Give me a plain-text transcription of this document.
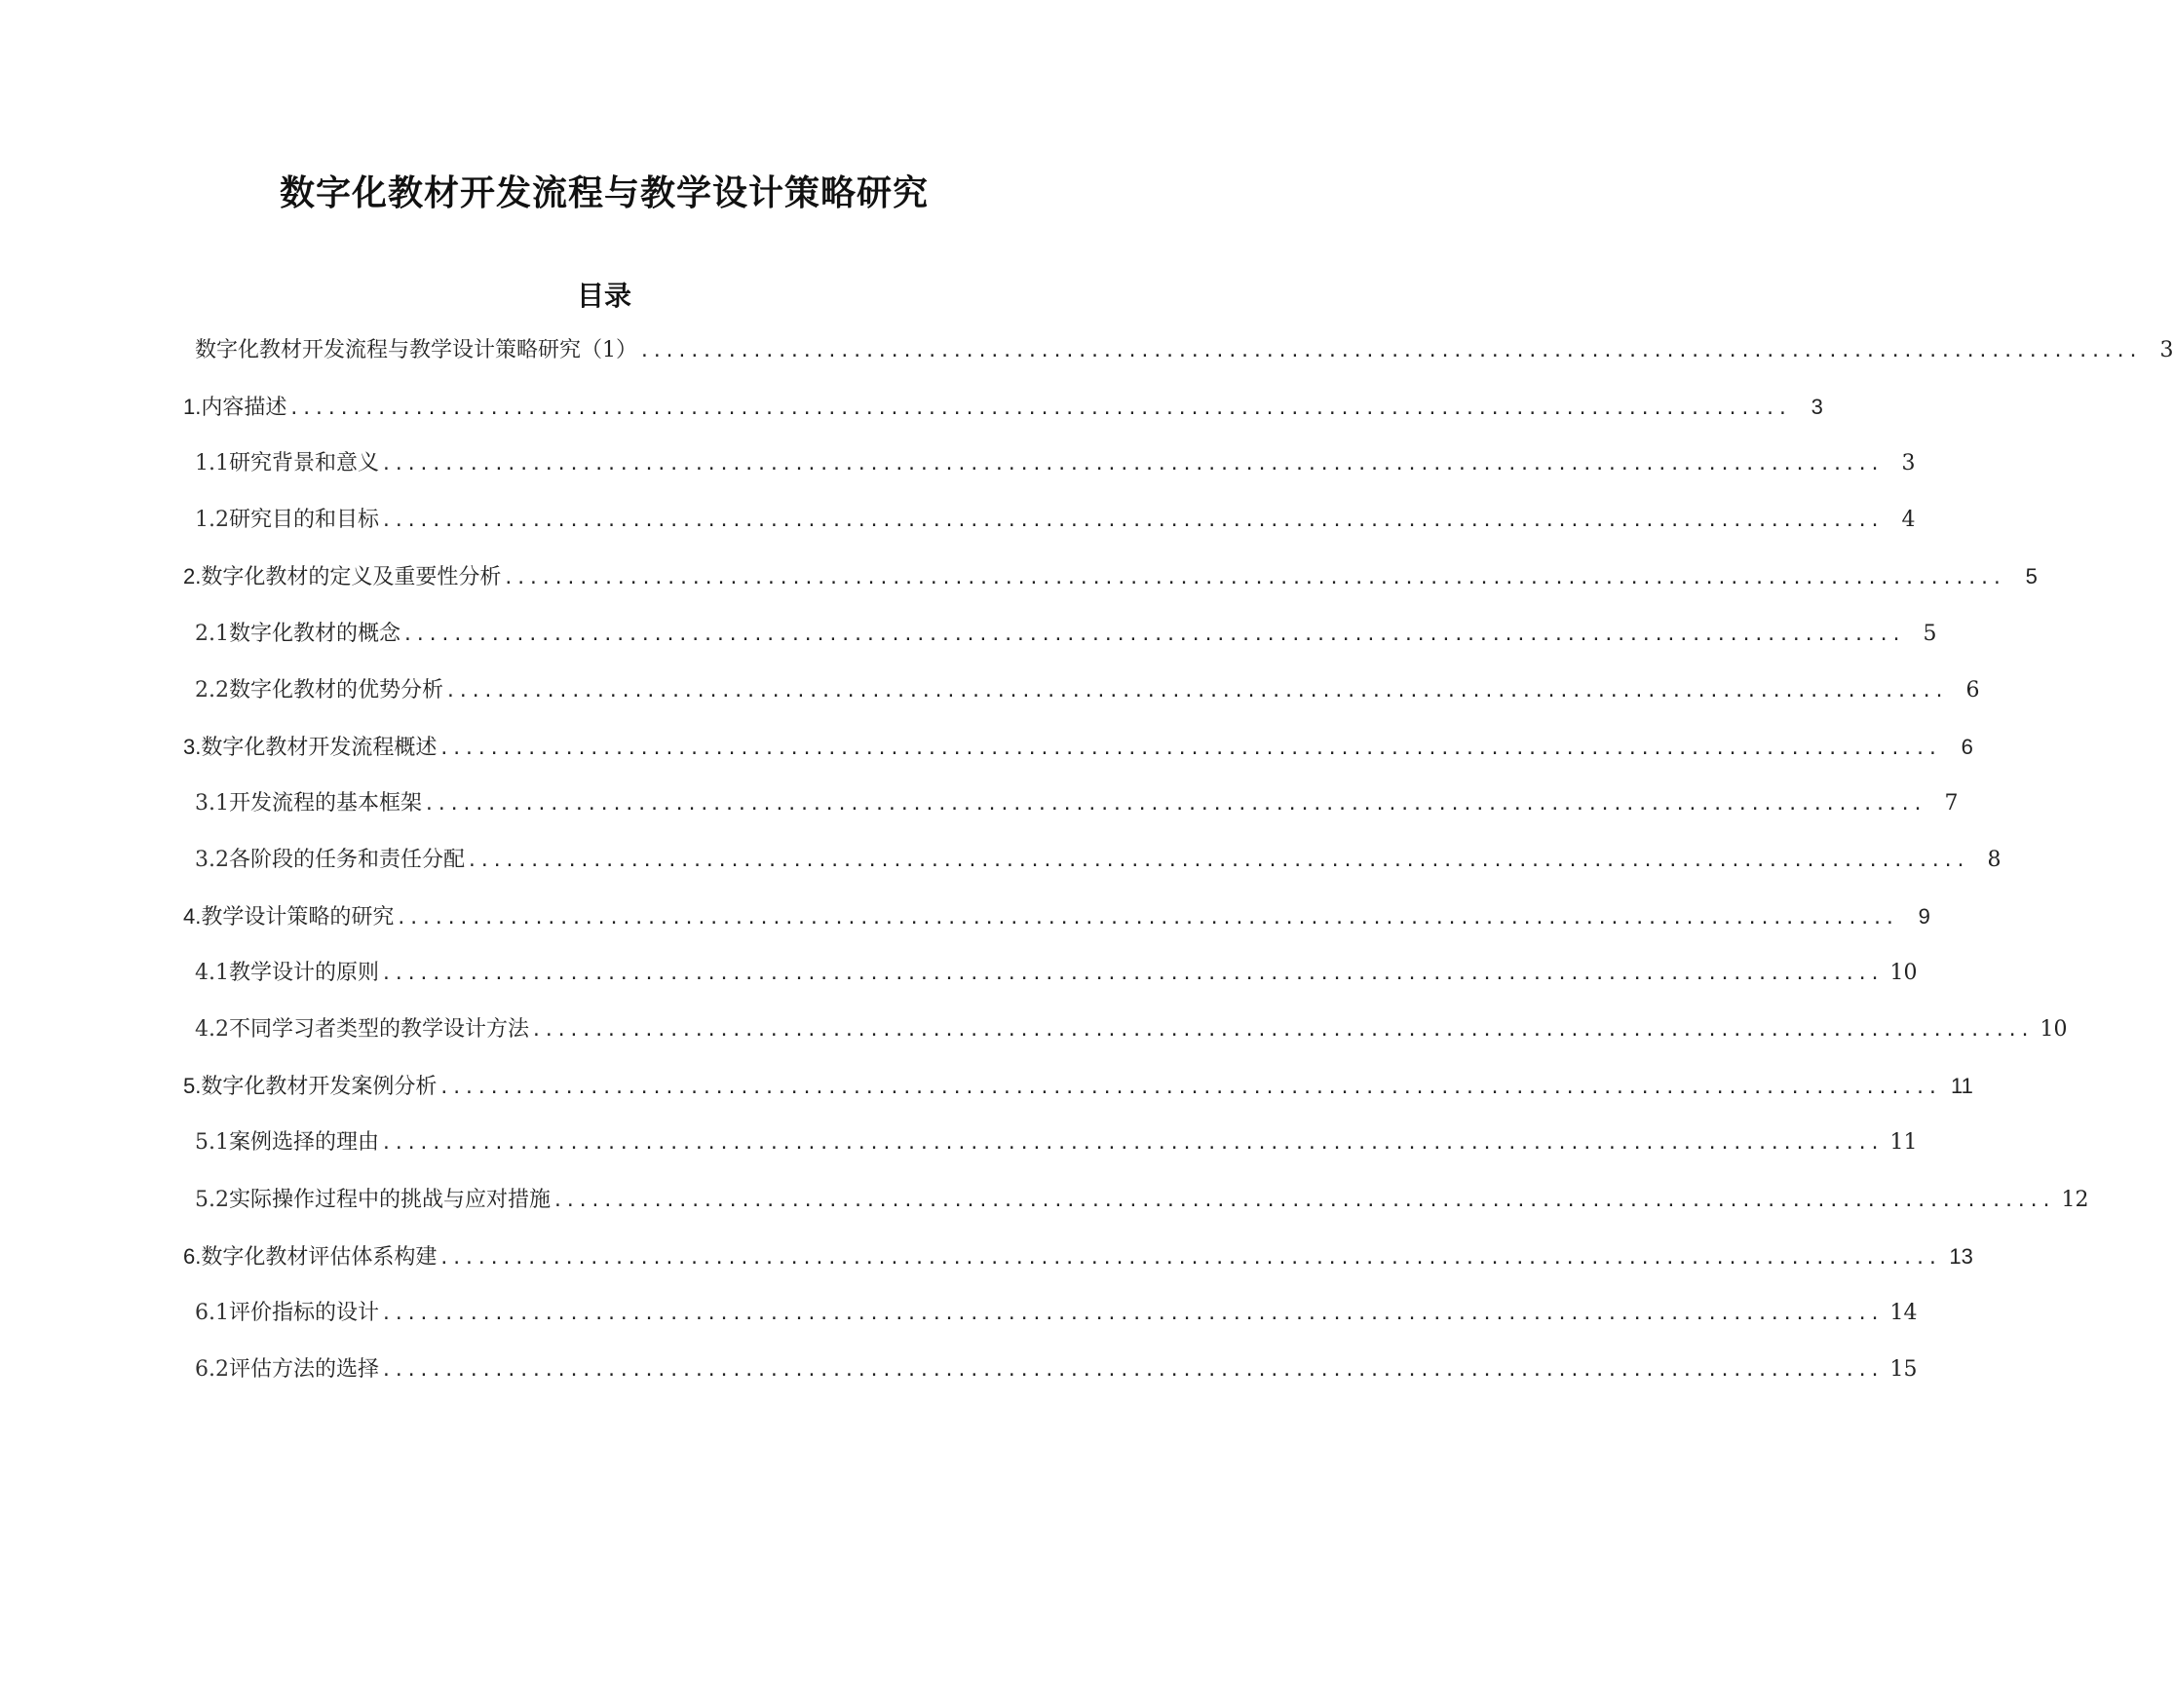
数字化教材开发流程与教学设计策略研究
目录
数字化教材开发流程与教学设计策略研究（1） ........................................................................................................................ 3
1. 内容描述 ........................................................................................................................ 3
1.1 研究背景和意义 ........................................................................................................................ 3
1.2 研究目的和目标 ........................................................................................................................ 4
2. 数字化教材的定义及重要性分析 ........................................................................................................................ 5
2.1 数字化教材的概念 ........................................................................................................................ 5
2.2 数字化教材的优势分析 ........................................................................................................................ 6
3. 数字化教材开发流程概述 ........................................................................................................................ 6
3.1 开发流程的基本框架 ........................................................................................................................ 7
3.2 各阶段的任务和责任分配 ........................................................................................................................ 8
4. 教学设计策略的研究 ........................................................................................................................ 9
4.1 教学设计的原则 ........................................................................................................................ 10
4.2 不同学习者类型的教学设计方法 ........................................................................................................................ 10
5. 数字化教材开发案例分析 ........................................................................................................................ 11
5.1 案例选择的理由 ........................................................................................................................ 11
5.2 实际操作过程中的挑战与应对措施 ........................................................................................................................ 12
6. 数字化教材评估体系构建 ........................................................................................................................ 13
6.1 评价指标的设计 ........................................................................................................................ 14
6.2 评估方法的选择 ........................................................................................................................ 15
